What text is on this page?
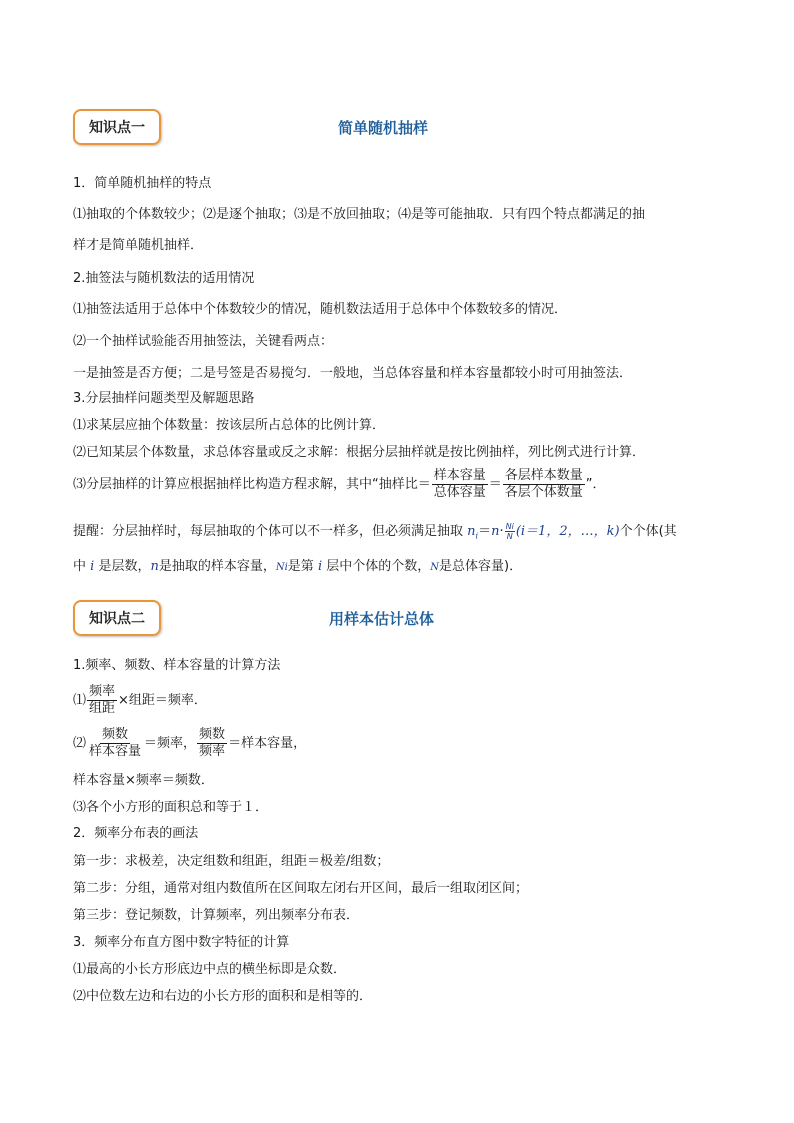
知识点一	简单随机抽样
1．简单随机抽样的特点
⑴抽取的个体数较少；⑵是逐个抽取；⑶是不放回抽取；⑷是等可能抽取．只有四个特点都满足的抽
样才是简单随机抽样．
2.抽签法与随机数法的适用情况
⑴抽签法适用于总体中个体数较少的情况，随机数法适用于总体中个体数较多的情况．
⑵一个抽样试验能否用抽签法，关键看两点：
一是抽签是否方便；二是号签是否易搅匀．一般地，当总体容量和样本容量都较小时可用抽签法．
3.分层抽样问题类型及解题思路
⑴求某层应抽个体数量：按该层所占总体的比例计算．
⑵已知某层个体数量，求总体容量或反之求解：根据分层抽样就是按比例抽样，列比例式进行计算．
⑶分层抽样的计算应根据抽样比构造方程求解，其中“抽样比＝ $\frac{\text{样本容量}}{\text{总体容量}} = \frac{\text{各层样本数量}}{\text{各层个体数量}}$ ”．
提醒：分层抽样时，每层抽取的个体可以不一样多，但必须满足抽取 $n_i=n\cdot \frac{Ni}{N} (i=1$，2，…，k)个个体(其
中 i 是层数，n是抽取的样本容量，Ni是第 i 层中个体的个数，N是总体容量)．
知识点二	用样本估计总体
1.频率、频数、样本容量的计算方法
⑴ $\frac{\text{频率}}{\text{组距}}$ ×组距＝频率．
⑵ $\frac{\text{频数}}{\text{样本容量}}$ ＝频率， $\frac{\text{频数}}{\text{频率}}$ ＝样本容量，
样本容量×频率＝频数．
⑶各个小方形的面积总和等于１．
2．频率分布表的画法
第一步：求极差，决定组数和组距，组距＝极差/组数；
第二步：分组，通常对组内数值所在区间取左闭右开区间，最后一组取闭区间；
第三步：登记频数，计算频率，列出频率分布表．
3．频率分布直方图中数字特征的计算
⑴最高的小长方形底边中点的横坐标即是众数．
⑵中位数左边和右边的小长方形的面积和是相等的．
